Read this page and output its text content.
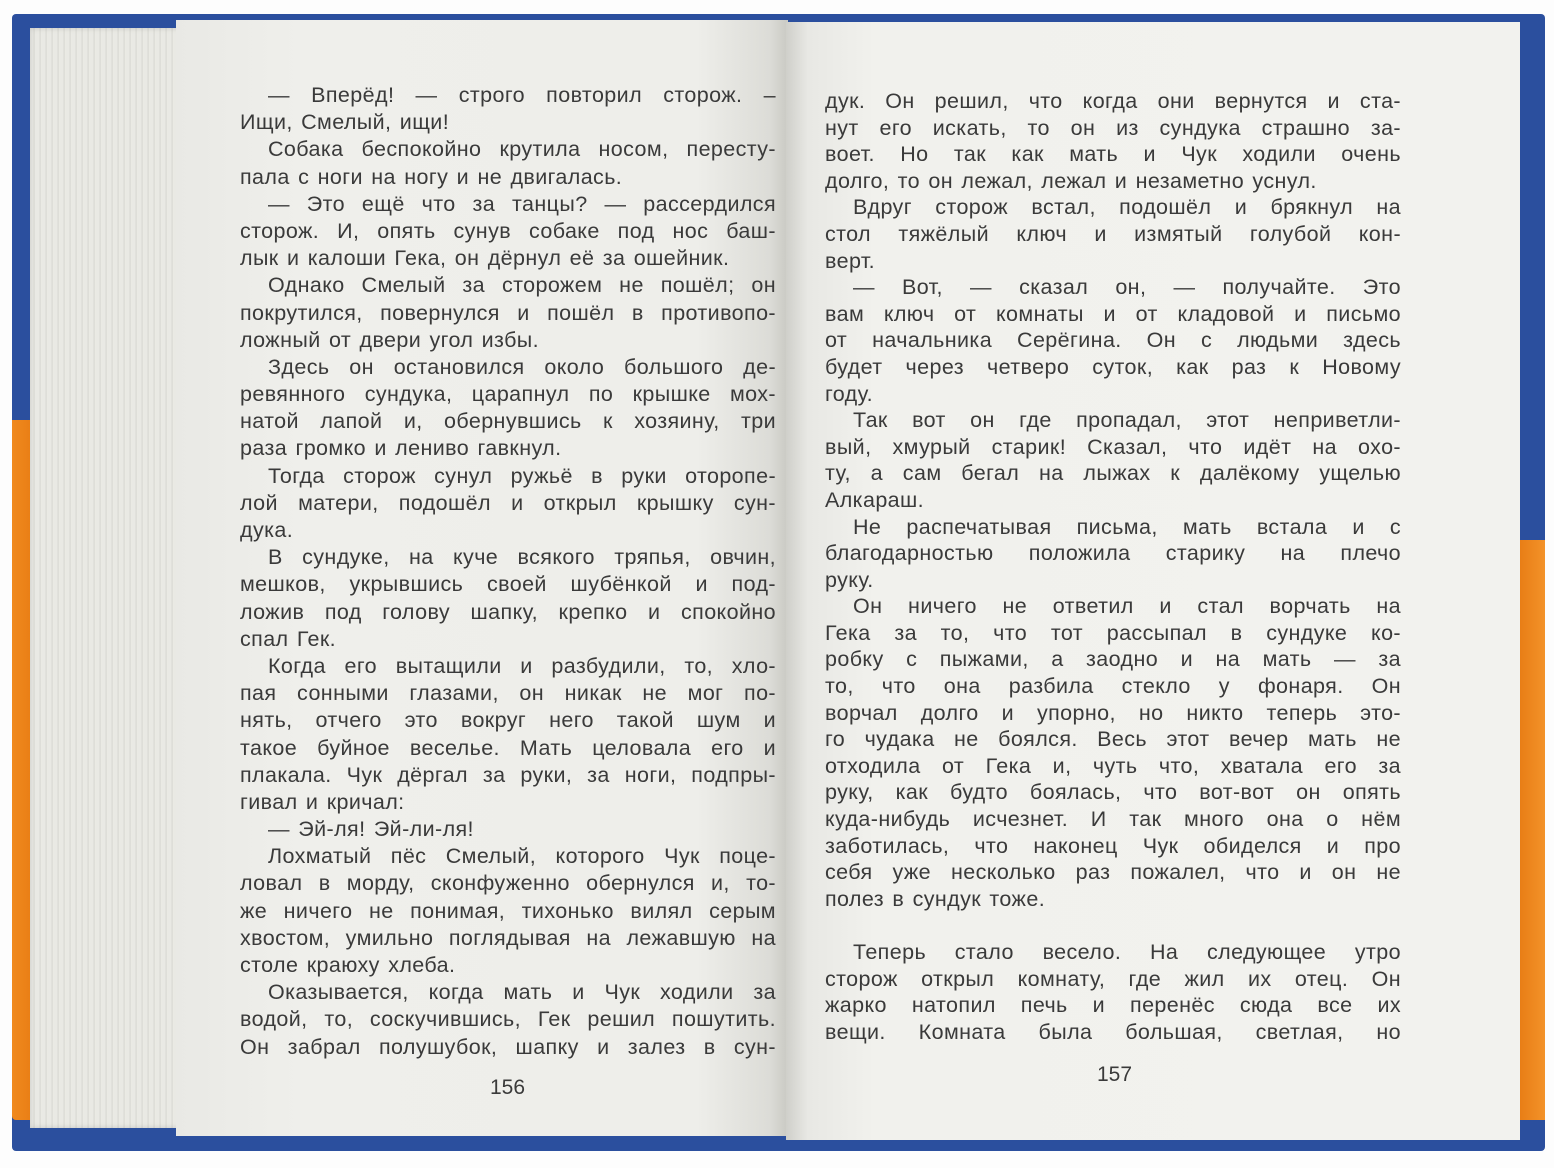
— Вперёд! — строго повторил сторож. –
Ищи, Смелый, ищи!
Собака беспокойно крутила носом, пересту-
пала с ноги на ногу и не двигалась.
— Это ещё что за танцы? — рассердился
сторож. И, опять сунув собаке под нос баш-
лык и калоши Гека, он дёрнул её за ошейник.
Однако Смелый за сторожем не пошёл; он
покрутился, повернулся и пошёл в противопо-
ложный от двери угол избы.
Здесь он остановился около большого де-
ревянного сундука, царапнул по крышке мох-
натой лапой и, обернувшись к хозяину, три
раза громко и лениво гавкнул.
Тогда сторож сунул ружьё в руки оторопе-
лой матери, подошёл и открыл крышку сун-
дука.
В сундуке, на куче всякого тряпья, овчин,
мешков, укрывшись своей шубёнкой и под-
ложив под голову шапку, крепко и спокойно
спал Гек.
Когда его вытащили и разбудили, то, хло-
пая сонными глазами, он никак не мог по-
нять, отчего это вокруг него такой шум и
такое буйное веселье. Мать целовала его и
плакала. Чук дёргал за руки, за ноги, подпры-
гивал и кричал:
— Эй-ля! Эй-ли-ля!
Лохматый пёс Смелый, которого Чук поце-
ловал в морду, сконфуженно обернулся и, то-
же ничего не понимая, тихонько вилял серым
хвостом, умильно поглядывая на лежавшую на
столе краюху хлеба.
Оказывается, когда мать и Чук ходили за
водой, то, соскучившись, Гек решил пошутить.
Он забрал полушубок, шапку и залез в сун-
дук. Он решил, что когда они вернутся и ста-
нут его искать, то он из сундука страшно за-
воет. Но так как мать и Чук ходили очень
долго, то он лежал, лежал и незаметно уснул.
Вдруг сторож встал, подошёл и брякнул на
стол тяжёлый ключ и измятый голубой кон-
верт.
— Вот, — сказал он, — получайте. Это
вам ключ от комнаты и от кладовой и письмо
от начальника Серёгина. Он с людьми здесь
будет через четверо суток, как раз к Новому
году.
Так вот он где пропадал, этот неприветли-
вый, хмурый старик! Сказал, что идёт на охо-
ту, а сам бегал на лыжах к далёкому ущелью
Алкараш.
Не распечатывая письма, мать встала и с
благодарностью положила старику на плечо
руку.
Он ничего не ответил и стал ворчать на
Гека за то, что тот рассыпал в сундуке ко-
робку с пыжами, а заодно и на мать — за
то, что она разбила стекло у фонаря. Он
ворчал долго и упорно, но никто теперь это-
го чудака не боялся. Весь этот вечер мать не
отходила от Гека и, чуть что, хватала его за
руку, как будто боялась, что вот-вот он опять
куда-нибудь исчезнет. И так много она о нём
заботилась, что наконец Чук обиделся и про
себя уже несколько раз пожалел, что и он не
полез в сундук тоже.
Теперь стало весело. На следующее утро
сторож открыл комнату, где жил их отец. Он
жарко натопил печь и перенёс сюда все их
вещи. Комната была большая, светлая, но
156
157
